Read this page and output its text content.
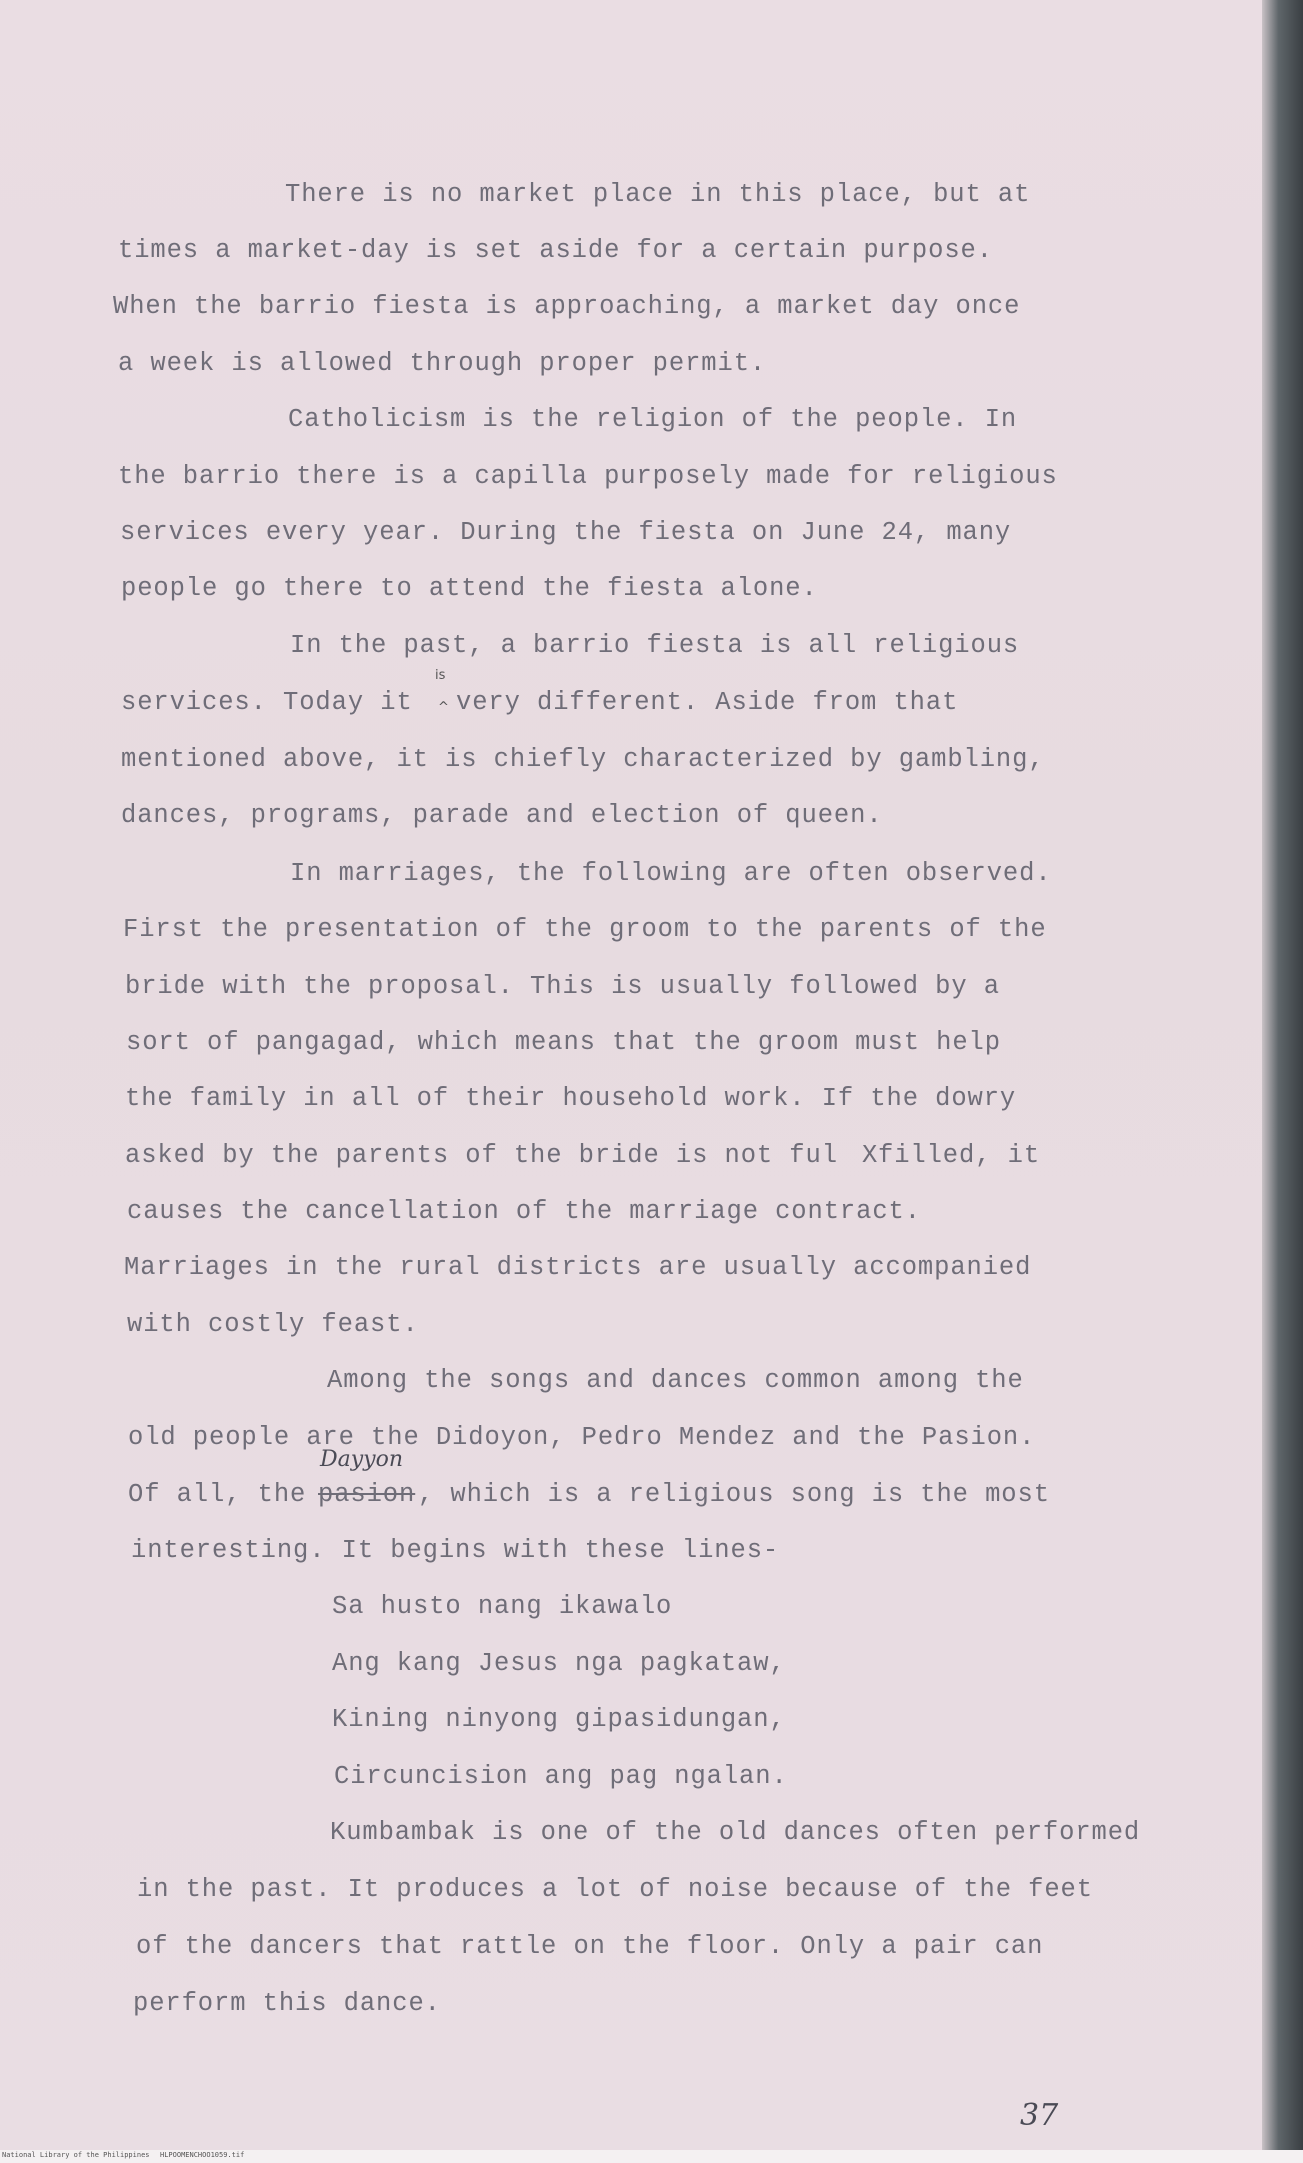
There is no market place in this place, but at
times a market-day is set aside for a certain purpose.
When the barrio fiesta is approaching, a market day once
a week is allowed through proper permit.
Catholicism is the religion of the people. In
the barrio there is a capilla purposely made for religious
services every year. During the fiesta on June 24, many
people go there to attend the fiesta alone.
In the past, a barrio fiesta is all religious
services. Today it
is
^ very different. Aside from that
mentioned above, it is chiefly characterized by gambling,
dances, programs, parade and election of queen.
In marriages, the following are often observed.
First the presentation of the groom to the parents of the
bride with the proposal. This is usually followed by a
sort of pangagad, which means that the groom must help
the family in all of their household work. If the dowry
asked by the parents of the bride is not ful X filled, it
causes the cancellation of the marriage contract.
Marriages in the rural districts are usually accompanied
with costly feast.
Among the songs and dances common among the
old people are the Didoyon, Pedro Mendez and the Pasion.
Of all, the
Dayyon
pasion , which is a religious song is the most
interesting. It begins with these lines-
Sa husto nang ikawalo
Ang kang Jesus nga pagkataw,
Kining ninyong gipasidungan,
Circuncision ang pag ngalan.
Kumbambak is one of the old dances often performed
in the past. It produces a lot of noise because of the feet
of the dancers that rattle on the floor. Only a pair can
perform this dance.
37
National Library of the Philippines HLPOOMENCHOO1059.tif
